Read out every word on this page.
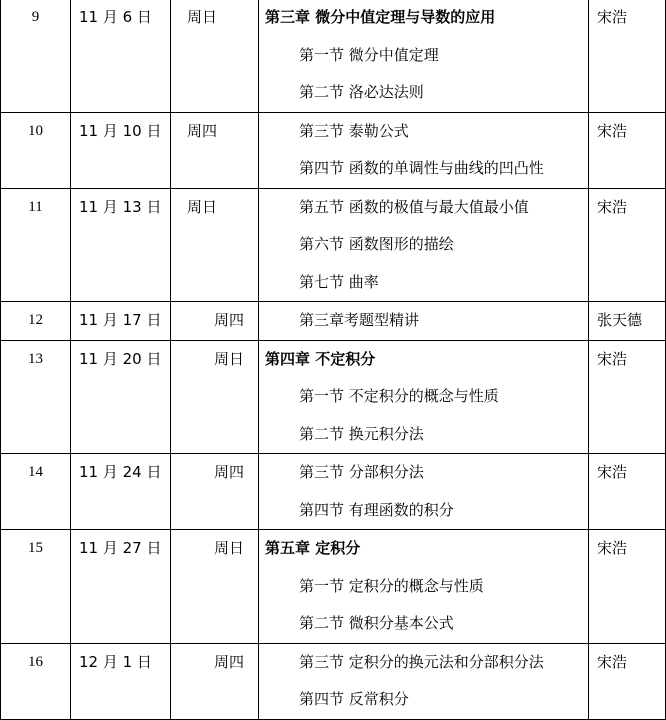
9	11 月 6 日	周日	第三章 微分中值定理与导数的应用
第一节 微分中值定理
第二节 洛必达法则	宋浩
10	11 月 10 日	周四	第三节 泰勒公式
第四节 函数的单调性与曲线的凹凸性	宋浩
11	11 月 13 日	周日	第五节 函数的极值与最大值最小值
第六节 函数图形的描绘
第七节 曲率	宋浩
12	11 月 17 日	周四	第三章考题型精讲	张天德
13	11 月 20 日	周日	第四章 不定积分
第一节 不定积分的概念与性质
第二节 换元积分法	宋浩
14	11 月 24 日	周四	第三节 分部积分法
第四节 有理函数的积分	宋浩
15	11 月 27 日	周日	第五章 定积分
第一节 定积分的概念与性质
第二节 微积分基本公式	宋浩
16	12 月 1 日	周四	第三节 定积分的换元法和分部积分法
第四节 反常积分	宋浩
